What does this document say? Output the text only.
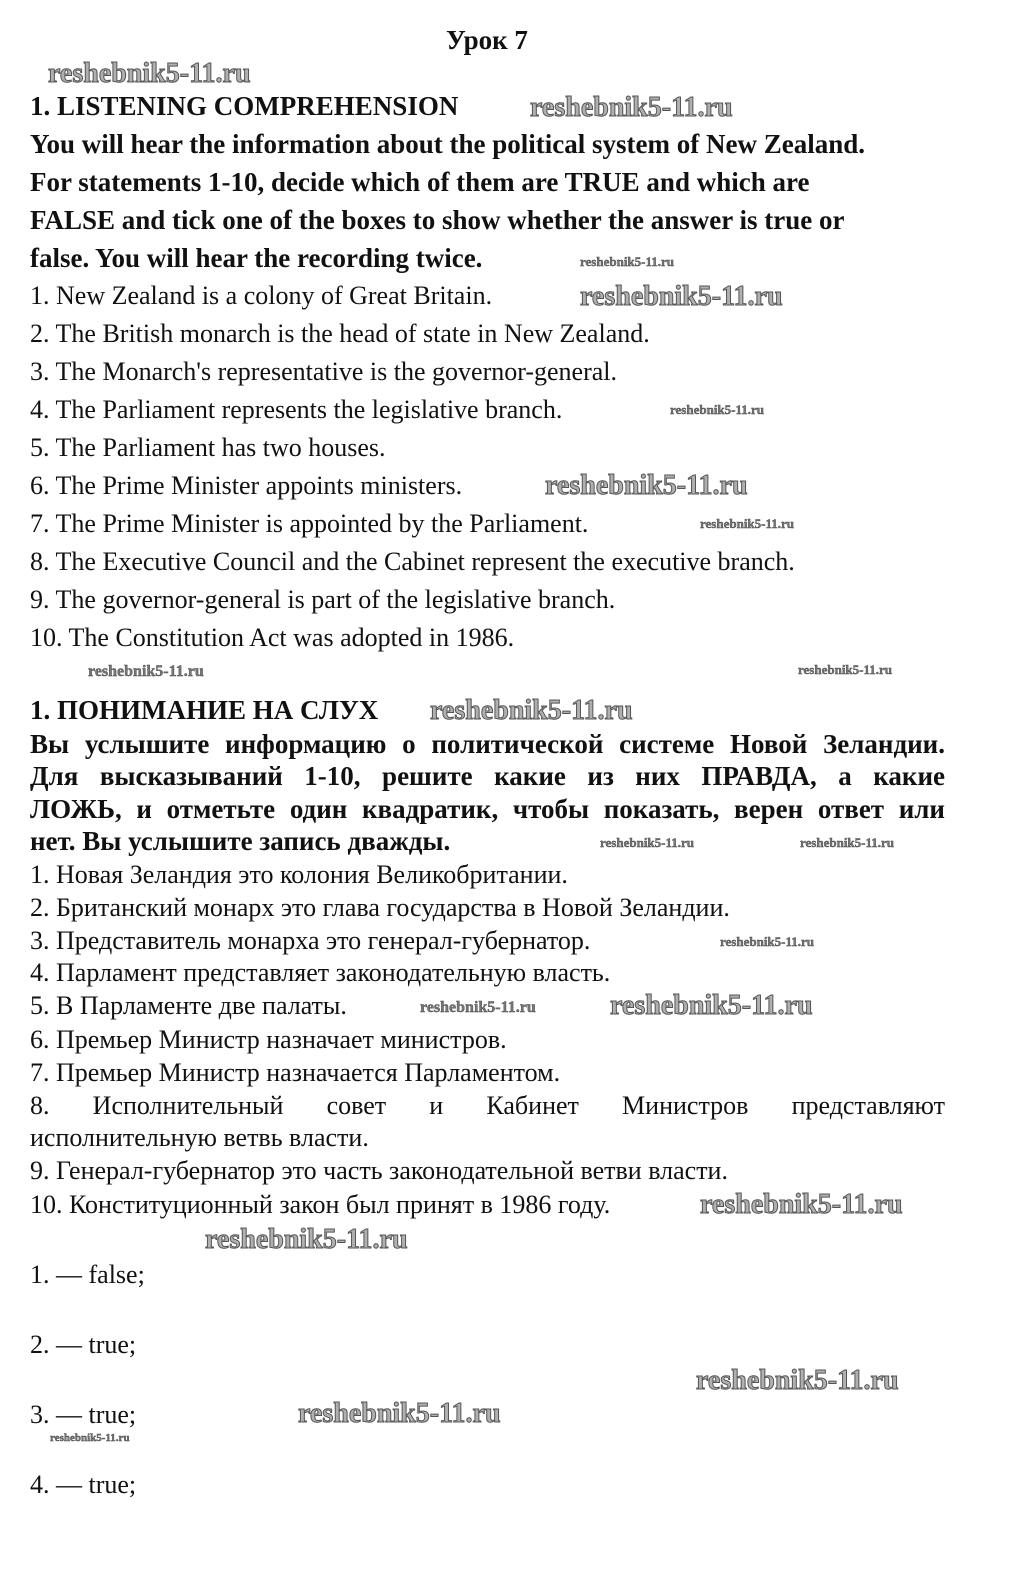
Урок 7
1. LISTENING COMPREHENSION
You will hear the information about the political system of New Zealand.
For statements 1-10, decide which of them are TRUE and which are
FALSE and tick one of the boxes to show whether the answer is true or
false. You will hear the recording twice.
1. New Zealand is a colony of Great Britain.
2. The British monarch is the head of state in New Zealand.
3. The Monarch's representative is the governor-general.
4. The Parliament represents the legislative branch.
5. The Parliament has two houses.
6. The Prime Minister appoints ministers.
7. The Prime Minister is appointed by the Parliament.
8. The Executive Council and the Cabinet represent the executive branch.
9. The governor-general is part of the legislative branch.
10. The Constitution Act was adopted in 1986.
1. ПОНИМАНИЕ НА СЛУХ
Вы услышите информацию о политической системе Новой Зеландии.
Для высказываний 1-10, решите какие из них ПРАВДА, а какие
ЛОЖЬ, и отметьте один квадратик, чтобы показать, верен ответ или
нет. Вы услышите запись дважды.
1. Новая Зеландия это колония Великобритании.
2. Британский монарх это глава государства в Новой Зеландии.
3. Представитель монарха это генерал-губернатор.
4. Парламент представляет законодательную власть.
5. В Парламенте две палаты.
6. Премьер Министр назначает министров.
7. Премьер Министр назначается Парламентом.
8. Исполнительный совет и Кабинет Министров представляют
исполнительную ветвь власти.
9. Генерал-губернатор это часть законодательной ветви власти.
10. Конституционный закон был принят в 1986 году.
1. — false;
2. — true;
3. — true;
4. — true;
reshebnik5-11.ru
reshebnik5-11.ru
reshebnik5-11.ru
reshebnik5-11.ru
reshebnik5-11.ru
reshebnik5-11.ru
reshebnik5-11.ru
reshebnik5-11.ru
reshebnik5-11.ru
reshebnik5-11.ru
reshebnik5-11.ru
reshebnik5-11.ru
reshebnik5-11.ru
reshebnik5-11.ru	reshebnik5-11.ru
reshebnik5-11.ru
reshebnik5-11.ru
reshebnik5-11.ru
reshebnik5-11.ru
reshebnik5-11.ru
